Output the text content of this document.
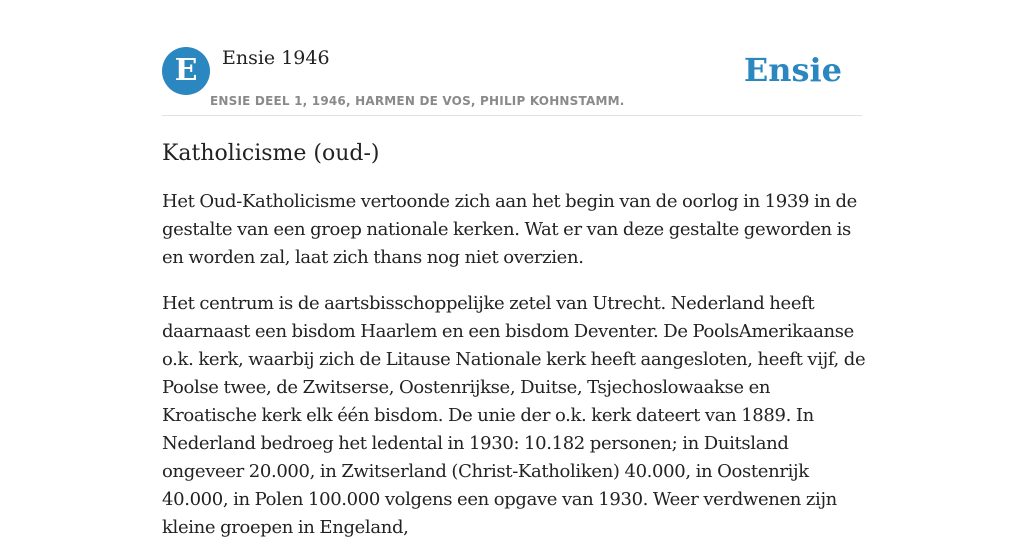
E	Ensie 1946
ENSIE DEEL 1, 1946, HARMEN DE VOS, PHILIP KOHNSTAMM.
Ensie
Katholicisme (oud-)

Het Oud-Katholicisme vertoonde zich aan het begin van de oorlog in 1939 in de gestalte van een groep nationale kerken. Wat er van deze gestalte geworden is en worden zal, laat zich thans nog niet overzien.

Het centrum is de aartsbisschoppelijke zetel van Utrecht. Nederland heeft daarnaast een bisdom Haarlem en een bisdom Deventer. De PoolsAmerikaanse o.k. kerk, waarbij zich de Litause Nationale kerk heeft aangesloten, heeft vijf, de Poolse twee, de Zwitserse, Oostenrijkse, Duitse, Tsjechoslowaakse en Kroatische kerk elk één bisdom. De unie der o.k. kerk dateert van 1889. In Nederland bedroeg het ledental in 1930: 10.182 personen; in Duitsland ongeveer 20.000, in Zwitserland (Christ-Katholiken) 40.000, in Oostenrijk 40.000, in Polen 100.000 volgens een opgave van 1930. Weer verdwenen zijn kleine groepen in Engeland,
